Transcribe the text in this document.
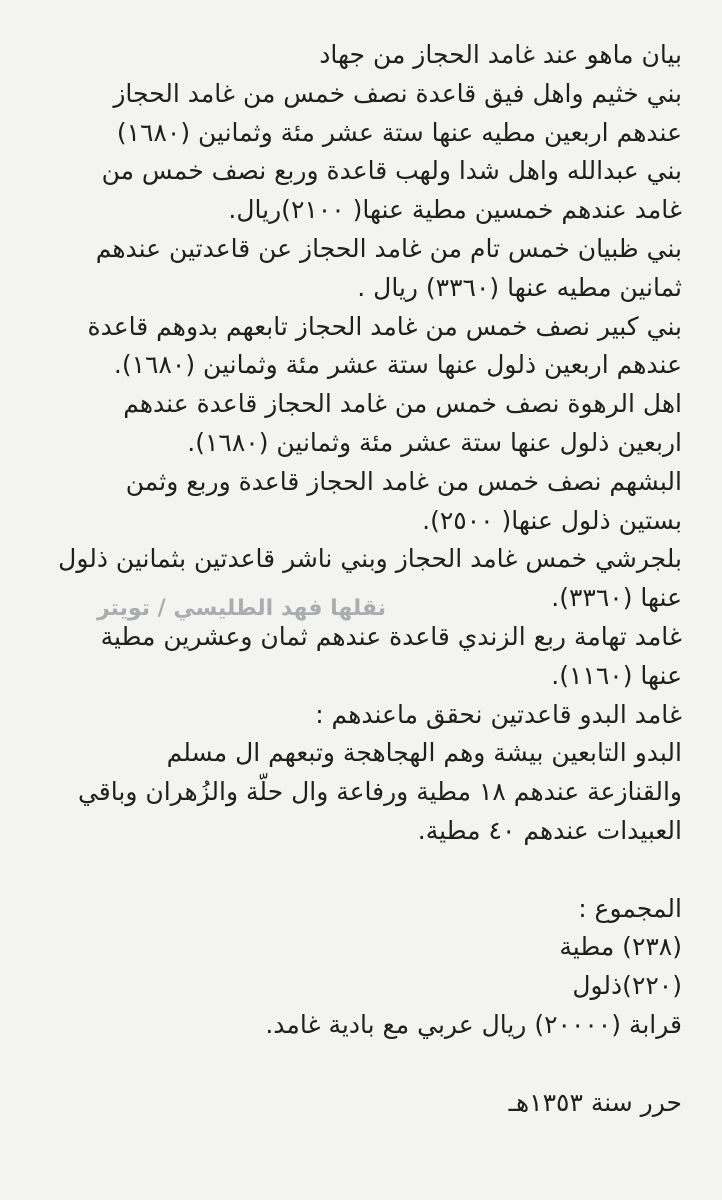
بيان ماهو عند غامد الحجاز من جهاد
بني خثيم واهل فيق قاعدة نصف خمس من غامد الحجاز
عندهم اربعين مطيه عنها ستة عشر مئة وثمانين (١٦٨٠)
بني عبدالله واهل شدا ولهب قاعدة وربع نصف خمس من
غامد عندهم خمسين مطية عنها( ٢١٠٠)ريال.
بني ظبيان خمس تام من غامد الحجاز عن قاعدتين عندهم
ثمانين مطيه عنها (٣٣٦٠) ريال .
بني كبير نصف خمس من غامد الحجاز تابعهم بدوهم قاعدة
عندهم اربعين ذلول عنها ستة عشر مئة وثمانين (١٦٨٠).
اهل الرهوة نصف خمس من غامد الحجاز قاعدة عندهم
اربعين ذلول عنها ستة عشر مئة وثمانين (١٦٨٠).
البشهم نصف خمس من غامد الحجاز قاعدة وربع وثمن
بستين ذلول عنها( ٢٥٠٠).
بلجرشي خمس غامد الحجاز وبني ناشر قاعدتين بثمانين ذلول
عنها (٣٣٦٠).
غامد تهامة ربع الزندي قاعدة عندهم ثمان وعشرين مطية
عنها (١١٦٠).
غامد البدو قاعدتين نحقق ماعندهم :
البدو التابعين بيشة وهم الهجاهجة وتبعهم ال مسلم
والقنازعة عندهم ١٨ مطية ورفاعة وال حلّة والزُهران وباقي
العبيدات عندهم ٤٠ مطية.
المجموع :
(٢٣٨) مطية
(٢٢٠)ذلول
قرابة (٢٠٠٠٠) ريال عربي مع بادية غامد.
حرر سنة ١٣٥٣هـ
نقلها فهد الطليسي / تويتر
